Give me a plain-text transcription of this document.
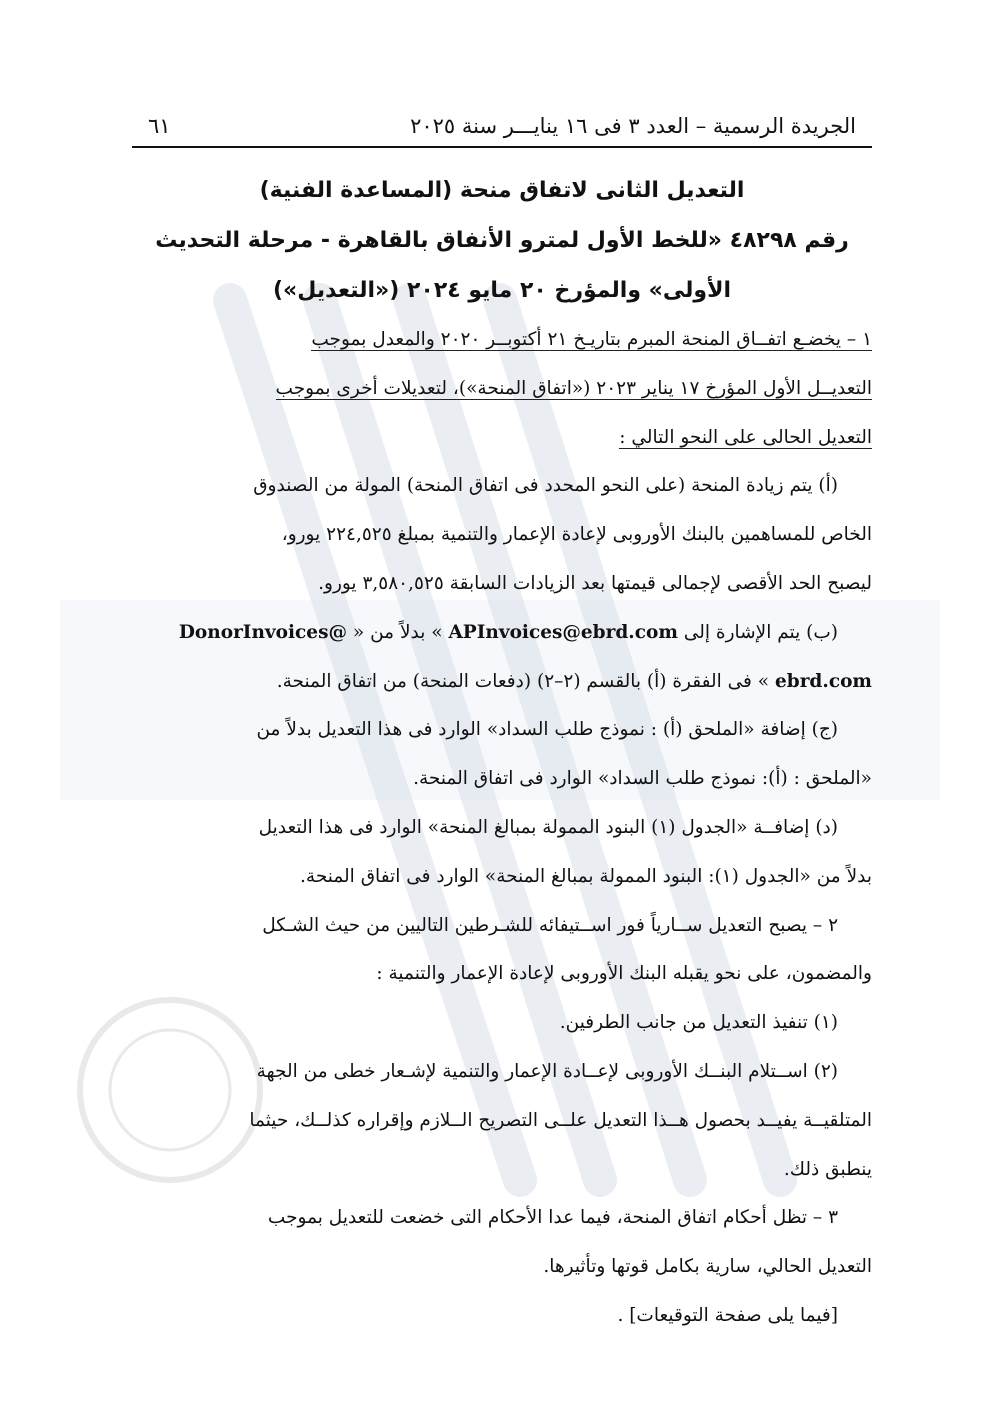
الجريدة الرسمية – العدد ٣ فى ١٦ ينايـــر سنة ٢٠٢٥
٦١
التعديل الثانى لاتفاق منحة (المساعدة الفنية)
رقم ٤٨٢٩٨ «للخط الأول لمترو الأنفاق بالقاهرة - مرحلة التحديث
الأولى» والمؤرخ ٢٠ مايو ٢٠٢٤ («التعديل»)

١ – يخضـع اتفــاق المنحة المبرم بتاريـخ ٢١ أكتوبــر ٢٠٢٠ والمعدل بموجب

التعديــل الأول المؤرخ ١٧ يناير ٢٠٢٣ («اتفاق المنحة»)، لتعديلات أخرى بموجب

التعديل الحالى على النحو التالي :

(أ) يتم زيادة المنحة (على النحو المحدد فى اتفاق المنحة) المولة من الصندوق

الخاص للمساهمين بالبنك الأوروبى لإعادة الإعمار والتنمية بمبلغ ٢٢٤,٥٢٥ يورو،

ليصبح الحد الأقصى لإجمالى قيمتها بعد الزيادات السابقة ٣,٥٨٠,٥٢٥ يورو.

(ب) يتم الإشارة إلى APInvoices@ebrd.com » بدلاً من « DonorInvoices@

ebrd.com » فى الفقرة (أ) بالقسم (٢–٢) (دفعات المنحة) من اتفاق المنحة.

(ج) إضافة «الملحق (أ) : نموذج طلب السداد» الوارد فى هذا التعديل بدلاً من

«الملحق : (أ): نموذج طلب السداد» الوارد فى اتفاق المنحة.

(د) إضافــة «الجدول (١) البنود الممولة بمبالغ المنحة» الوارد فى هذا التعديل

بدلاً من «الجدول (١): البنود الممولة بمبالغ المنحة» الوارد فى اتفاق المنحة.

٢ – يصبح التعديل ســارياً فور اســتيفائه للشـرطين التاليين من حيث الشـكل

والمضمون، على نحو يقبله البنك الأوروبى لإعادة الإعمار والتنمية :

(١) تنفيذ التعديل من جانب الطرفين.

(٢) اســتلام البنــك الأوروبى لإعــادة الإعمار والتنمية لإشـعار خطى من الجهة

المتلقيــة يفيــد بحصول هــذا التعديل علــى التصريح الــلازم وإقراره كذلــك، حيثما

ينطبق ذلك.

٣ – تظل أحكام اتفاق المنحة، فيما عدا الأحكام التى خضعت للتعديل بموجب

التعديل الحالي، سارية بكامل قوتها وتأثيرها.

[فيما يلى صفحة التوقيعات] .
